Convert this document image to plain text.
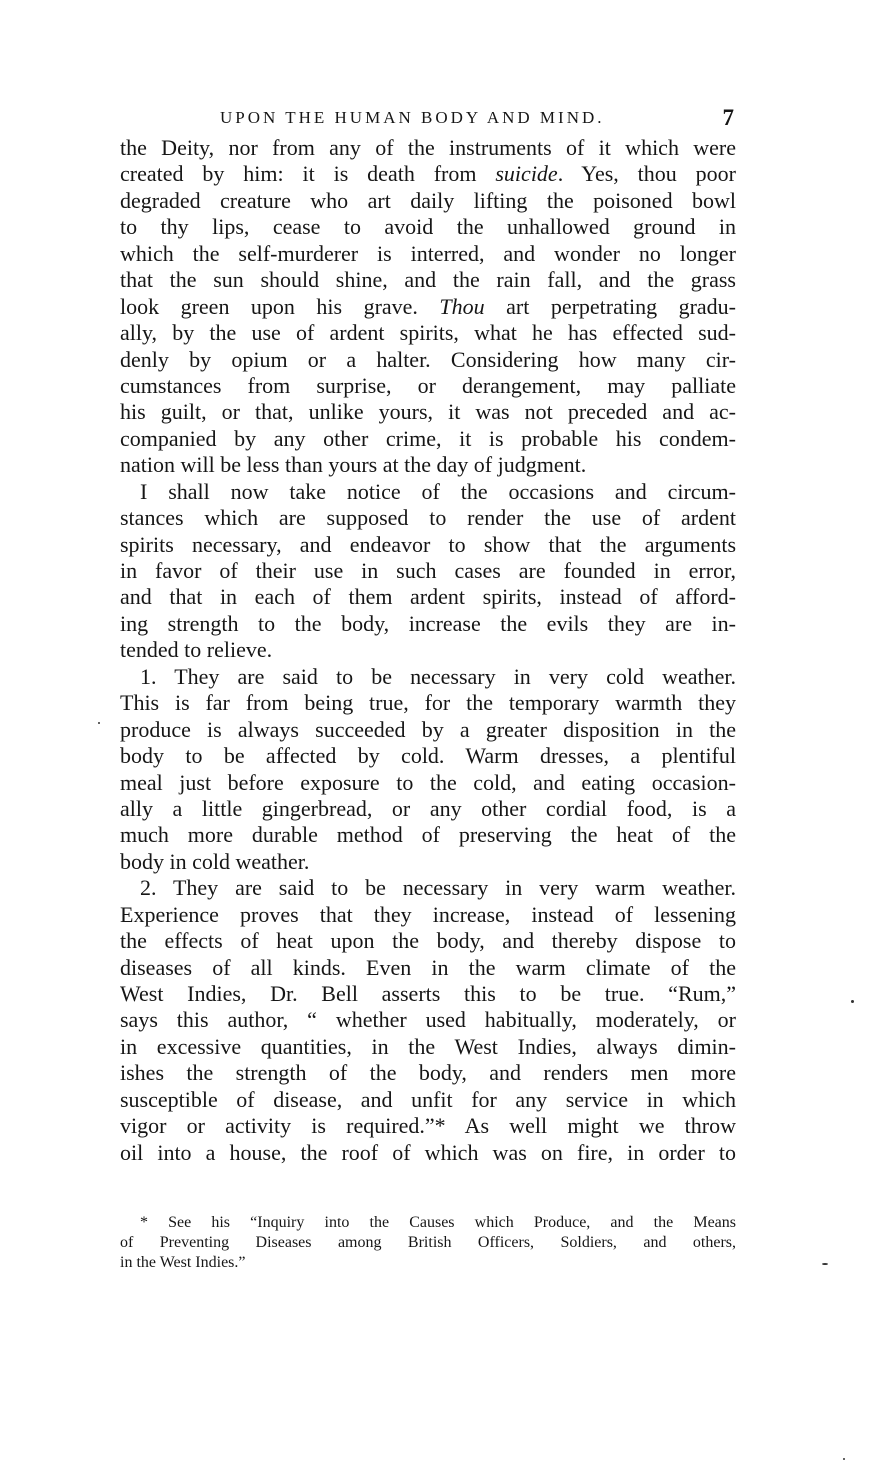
UPON THE HUMAN BODY AND MIND.	7
the Deity, nor from any of the instruments of it which were
created by him: it is death from suicide. Yes, thou poor
degraded creature who art daily lifting the poisoned bowl
to thy lips, cease to avoid the unhallowed ground in
which the self-murderer is interred, and wonder no longer
that the sun should shine, and the rain fall, and the grass
look green upon his grave. Thou art perpetrating gradu-
ally, by the use of ardent spirits, what he has effected sud-
denly by opium or a halter. Considering how many cir-
cumstances from surprise, or derangement, may palliate
his guilt, or that, unlike yours, it was not preceded and ac-
companied by any other crime, it is probable his condem-
nation will be less than yours at the day of judgment.
I shall now take notice of the occasions and circum-
stances which are supposed to render the use of ardent
spirits necessary, and endeavor to show that the arguments
in favor of their use in such cases are founded in error,
and that in each of them ardent spirits, instead of afford-
ing strength to the body, increase the evils they are in-
tended to relieve.
1. They are said to be necessary in very cold weather.
This is far from being true, for the temporary warmth they
produce is always succeeded by a greater disposition in the
body to be affected by cold. Warm dresses, a plentiful
meal just before exposure to the cold, and eating occasion-
ally a little gingerbread, or any other cordial food, is a
much more durable method of preserving the heat of the
body in cold weather.
2. They are said to be necessary in very warm weather.
Experience proves that they increase, instead of lessening
the effects of heat upon the body, and thereby dispose to
diseases of all kinds. Even in the warm climate of the
West Indies, Dr. Bell asserts this to be true. “Rum,”
says this author, “ whether used habitually, moderately, or
in excessive quantities, in the West Indies, always dimin-
ishes the strength of the body, and renders men more
susceptible of disease, and unfit for any service in which
vigor or activity is required.”* As well might we throw
oil into a house, the roof of which was on fire, in order to
* See his “Inquiry into the Causes which Produce, and the Means
of Preventing Diseases among British Officers, Soldiers, and others,
in the West Indies.”
